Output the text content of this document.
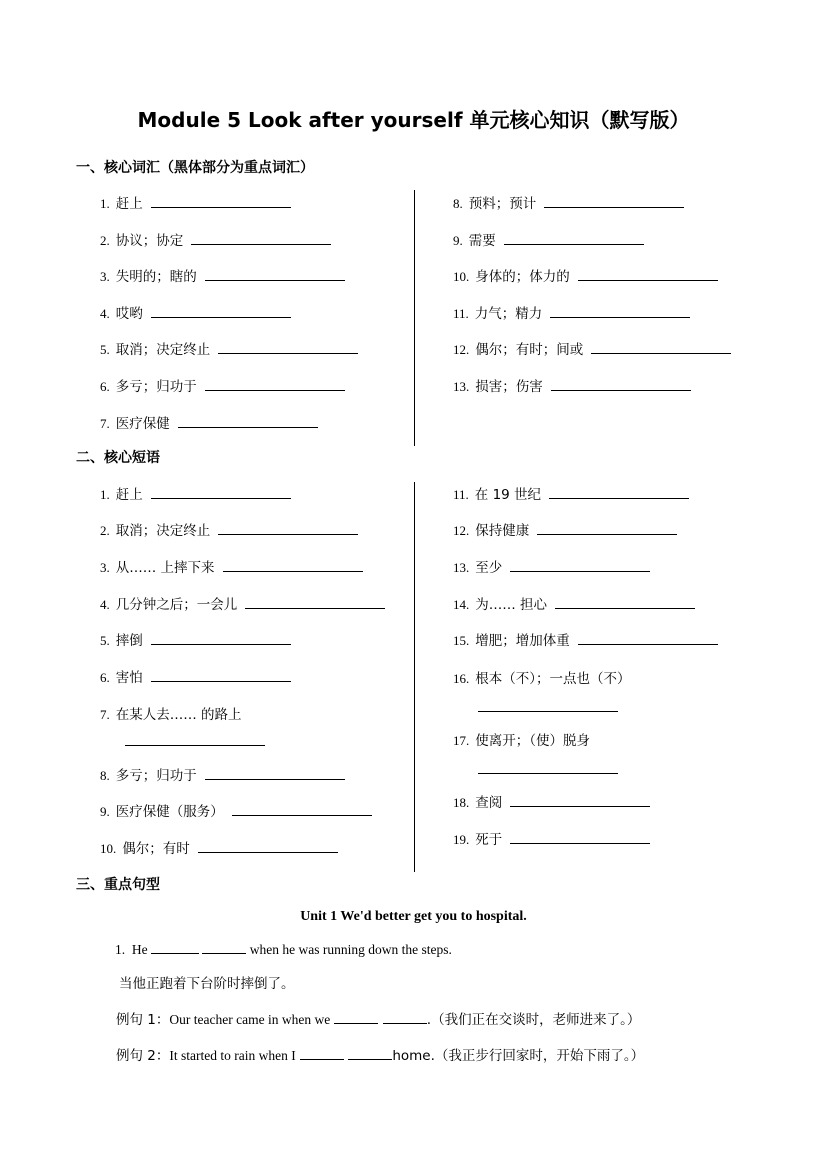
Module 5 Look after yourself 单元核心知识（默写版）
一、核心词汇（黑体部分为重点词汇）
1. 赶上
2. 协议；协定
3. 失明的；瞎的
4. 哎哟
5. 取消；决定终止
6. 多亏；归功于
7. 医疗保健
8. 预料；预计
9. 需要
10. 身体的；体力的
11. 力气；精力
12. 偶尔；有时；间或
13. 损害；伤害
二、核心短语
1. 赶上
2. 取消；决定终止
3. 从…… 上摔下来
4. 几分钟之后；一会儿
5. 摔倒
6. 害怕
7. 在某人去…… 的路上
8. 多亏；归功于
9. 医疗保健（服务）
10. 偶尔；有时
11. 在 19 世纪
12. 保持健康
13. 至少
14. 为…… 担心
15. 增肥；增加体重
16. 根本（不）；一点也（不）
17. 使离开；（使）脱身
18. 查阅
19. 死于
三、重点句型
Unit 1 We'd better get you to hospital.
1. He	when he was running down the steps.
当他正跑着下台阶时摔倒了。
例句 1：Our teacher came in when we	.（我们正在交谈时，老师进来了。）
例句 2：It started to rain when I	home.（我正步行回家时，开始下雨了。）
